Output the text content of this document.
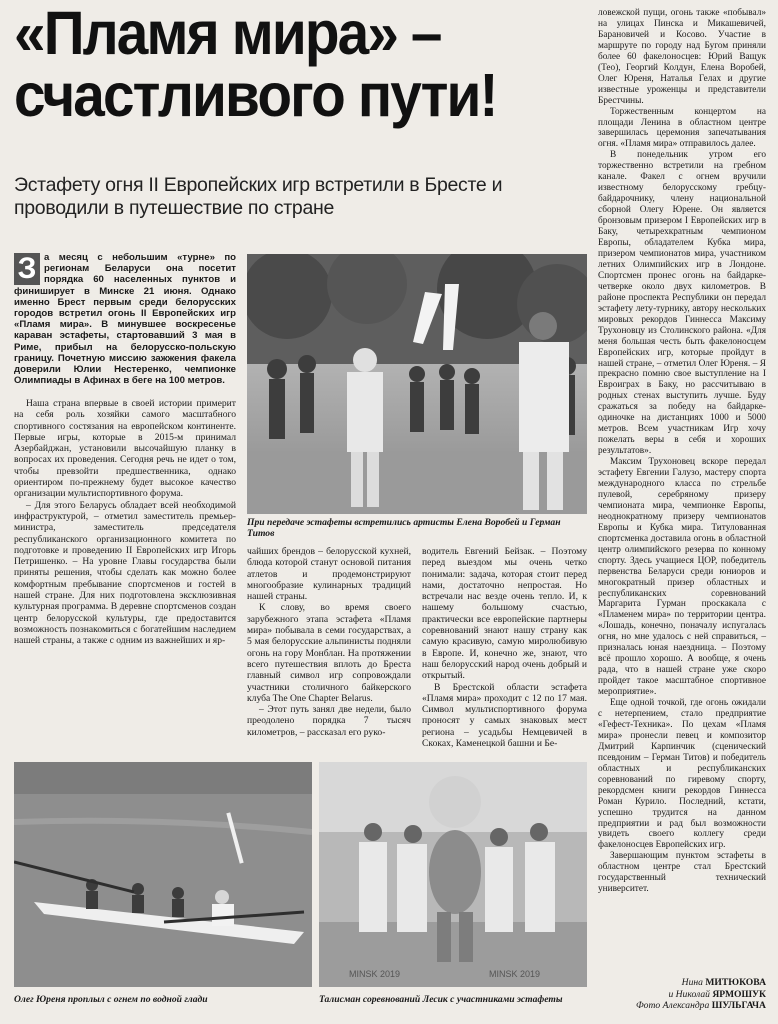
«Пламя мира» –
счастливого пути!
Эстафету огня II Европейских игр встретили в Бресте и проводили в путешествие по стране
З а месяц с небольшим «турне» по регионам Беларуси она посетит порядка 60 населенных пунктов и финиширует в Минске 21 июня. Однако именно Брест первым среди белорусских городов встретил огонь II Европейских игр «Пламя мира». В минувшее воскресенье караван эстафеты, стартовавший 3 мая в Риме, прибыл на белорусско-польскую границу. Почетную миссию зажжения факела доверили Юлии Нестеренко, чемпионке Олимпиады в Афинах в беге на 100 метров.

Наша страна впервые в своей истории примерит на себя роль хозяйки самого масштабного спортивного состязания на европейском континенте. Первые игры, которые в 2015-м принимал Азербайджан, установили высочайшую планку в вопросах их проведения. Сегодня речь не идет о том, чтобы превзойти предшественника, однако ориентиром по-прежнему будет высокое качество организации мультиспортивного форума.

– Для этого Беларусь обладает всей необходимой инфраструктурой, – отметил заместитель премьер-министра, заместитель председателя республиканского организационного комитета по подготовке и проведению II Европейских игр Игорь Петришенко. – На уровне Главы государства были приняты решения, чтобы сделать как можно более комфортным пребывание спортсменов и гостей в нашей стране. Для них подготовлена эксклюзивная культурная программа. В деревне спортсменов создан центр белорусской культуры, где предоставится возможность познакомиться с богатейшим наследием нашей страны, а также с одним из важнейших и яр-

При передаче эстафеты встретились артисты Елена Воробей и Герман Титов

чайших брендов – белорусской кухней, блюда которой станут основой питания атлетов и продемонстрируют многообразие кулинарных традиций нашей страны.

К слову, во время своего зарубежного этапа эстафета «Пламя мира» побывала в семи государствах, а 5 мая белорусские альпинисты подняли огонь на гору Монблан. На протяжении всего путешествия вплоть до Бреста главный символ игр сопровождали участники столичного байкерского клуба The One Chapter Belarus.

– Этот путь занял две недели, было преодолено порядка 7 тысяч километров, – рассказал его руко-

водитель Евгений Бейзак. – Поэтому перед выездом мы очень четко понимали: задача, которая стоит перед нами, достаточно непростая. Но встречали нас везде очень тепло. И, к нашему большому счастью, практически все европейские партнеры соревнований знают нашу страну как самую красивую, самую миролюбивую в Европе. И, конечно же, знают, что наш белорусский народ очень добрый и открытый.

В Брестской области эстафета «Пламя мира» проходит с 12 по 17 мая. Символ мультиспортивного форума проносят у самых знаковых мест региона – усадьбы Немцевичей в Скоках, Каменецкой башни и Бе-

ловежской пущи, огонь также «побывал» на улицах Пинска и Микашевичей, Барановичей и Косово. Участие в маршруте по городу над Бугом приняли более 60 факелоносцев: Юрий Ващук (Тео), Георгий Колдун, Елена Воробей, Олег Юреня, Наталья Гелах и другие известные уроженцы и представители Брестчины.

Торжественным концертом на площади Ленина в областном центре завершилась церемония запечатывания огня. «Пламя мира» отправилось далее.

В понедельник утром его торжественно встретили на гребном канале. Факел с огнем вручили известному белорусскому гребцу-байдарочнику, члену национальной сборной Олегу Юрене. Он является бронзовым призером I Европейских игр в Баку, четырехкратным чемпионом Европы, обладателем Кубка мира, призером чемпионатов мира, участником летних Олимпийских игр в Лондоне. Спортсмен пронес огонь на байдарке-четверке около двух километров. В районе проспекта Республики он передал эстафету лету-турнику, автору нескольких мировых рекордов Гиннесса Максиму Трухоновцу из Столинского района. «Для меня большая честь быть факелоносцем Европейских игр, которые пройдут в нашей стране, – отметил Олег Юреня. – Я прекрасно помню свое выступление на I Евроиграх в Баку, но рассчитываю в родных стенах выступить лучше. Буду сражаться за победу на байдарке-одиночке на дистанциях 1000 и 5000 метров. Всем участникам Игр хочу пожелать веры в себя и хороших результатов».

Максим Трухоновец вскоре передал эстафету Евгении Галузо, мастеру спорта международного класса по стрельбе пулевой, серебряному призеру чемпионата мира, чемпионке Европы, неоднократному призеру чемпионатов Европы и Кубка мира. Титулованная спортсменка доставила огонь в областной центр олимпийского резерва по конному спорту. Здесь учащиеся ЦОР, победитель первенства Беларуси среди юниоров и многократный призер областных и республиканских соревнований Маргарита Гурман проскакала с «Пламенем мира» по территории центра. «Лошадь, конечно, поначалу испугалась огня, но мне удалось с ней справиться, – призналась юная наездница. – Поэтому всё прошло хорошо. А вообще, я очень рада, что в нашей стране уже скоро пройдет такое масштабное спортивное мероприятие».

Еще одной точкой, где огонь ожидали с нетерпением, стало предприятие «Гефест-Техника». По цехам «Пламя мира» пронесли певец и композитор Дмитрий Карпинчик (сценический псевдоним – Герман Титов) и победитель областных и республиканских соревнований по гиревому спорту, рекордсмен книги рекордов Гиннесса Роман Курило. Последний, кстати, успешно трудится на данном предприятии и рад был возможности увидеть своего коллегу среди факелоносцев Европейских игр.

Завершающим пунктом эстафеты в областном центре стал Брестский государственный технический университет.

Олег Юреня проплыл с огнем по водной глади
MINSK 2019	MINSK 2019
Талисман соревнований Лесик с участниками эстафеты
Нина МИТЮКОВА
и Николай ЯРМОШУК
Фото Александра ШУЛЬГАЧА
